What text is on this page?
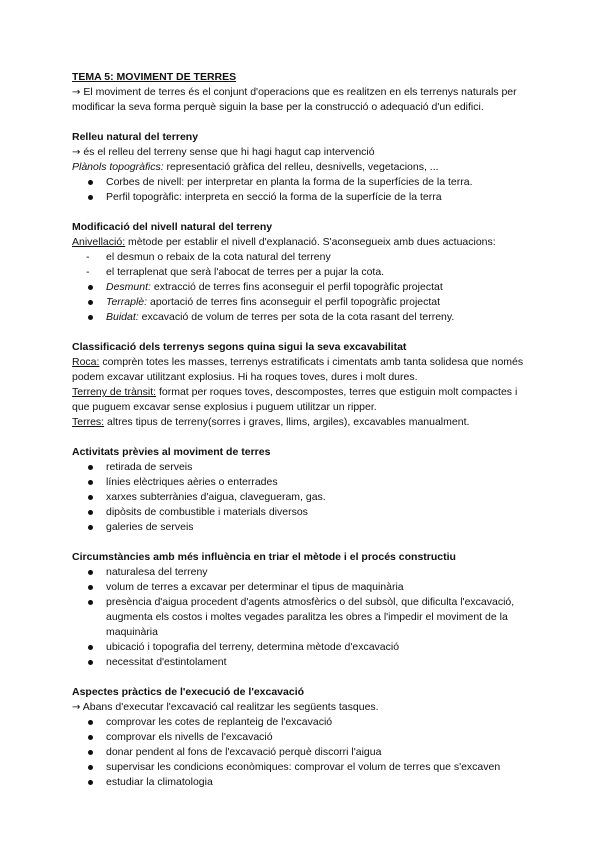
TEMA 5: MOVIMENT DE TERRES

→ El moviment de terres és el conjunt d'operacions que es realitzen en els terrenys naturals per modificar la seva forma perquè siguin la base per la construcció o adequació d'un edifici.

Relleu natural del terreny

→ és el relleu del terreny sense que hi hagi hagut cap intervenció

Plànols topogràfics: representació gràfica del relleu, desnivells, vegetacions, ...

Corbes de nivell: per interpretar en planta la forma de la superfícies de la terra.
Perfil topogràfic: interpreta en secció la forma de la superfície de la terra
Modificació del nivell natural del terreny

Anivellació: mètode per establir el nivell d'explanació. S'aconsegueix amb dues actuacions:

-	el desmun o rebaix de la cota natural del terreny
-	el terraplenat que serà l'abocat de terres per a pujar la cota.
Desmunt: extracció de terres fins aconseguir el perfil topogràfic projectat
Terraplè: aportació de terres fins aconseguir el perfil topogràfic projectat
Buidat: excavació de volum de terres per sota de la cota rasant del terreny.
Classificació dels terrenys segons quina sigui la seva excavabilitat

Roca: comprèn totes les masses, terrenys estratificats i cimentats amb tanta solidesa que només podem excavar utilitzant explosius. Hi ha roques toves, dures i molt dures.

Terreny de trànsit: format per roques toves, descompostes, terres que estiguin molt compactes i que puguem excavar sense explosius i puguem utilitzar un ripper.

Terres: altres tipus de terreny(sorres i graves, llims, argiles), excavables manualment.

Activitats prèvies al moviment de terres
retirada de serveis
línies elèctriques aèries o enterrades
xarxes subterrànies d'aigua, clavegueram, gas.
dipòsits de combustible i materials diversos
galeries de serveis
Circumstàncies amb més influència en triar el mètode i el procés constructiu
naturalesa del terreny
volum de terres a excavar per determinar el tipus de maquinària
presència d'aigua procedent d'agents atmosfèrics o del subsòl, que dificulta l'excavació, augmenta els costos i moltes vegades paralitza les obres a l'impedir el moviment de la maquinària
ubicació i topografia del terreny, determina mètode d'excavació
necessitat d'estintolament
Aspectes pràctics de l'execució de l'excavació

→ Abans d'executar l'excavació cal realitzar les següents tasques.

comprovar les cotes de replanteig de l'excavació
comprovar els nivells de l'excavació
donar pendent al fons de l'excavació perquè discorri l'aigua
supervisar les condicions econòmiques: comprovar el volum de terres que s'excaven
estudiar la climatologia
